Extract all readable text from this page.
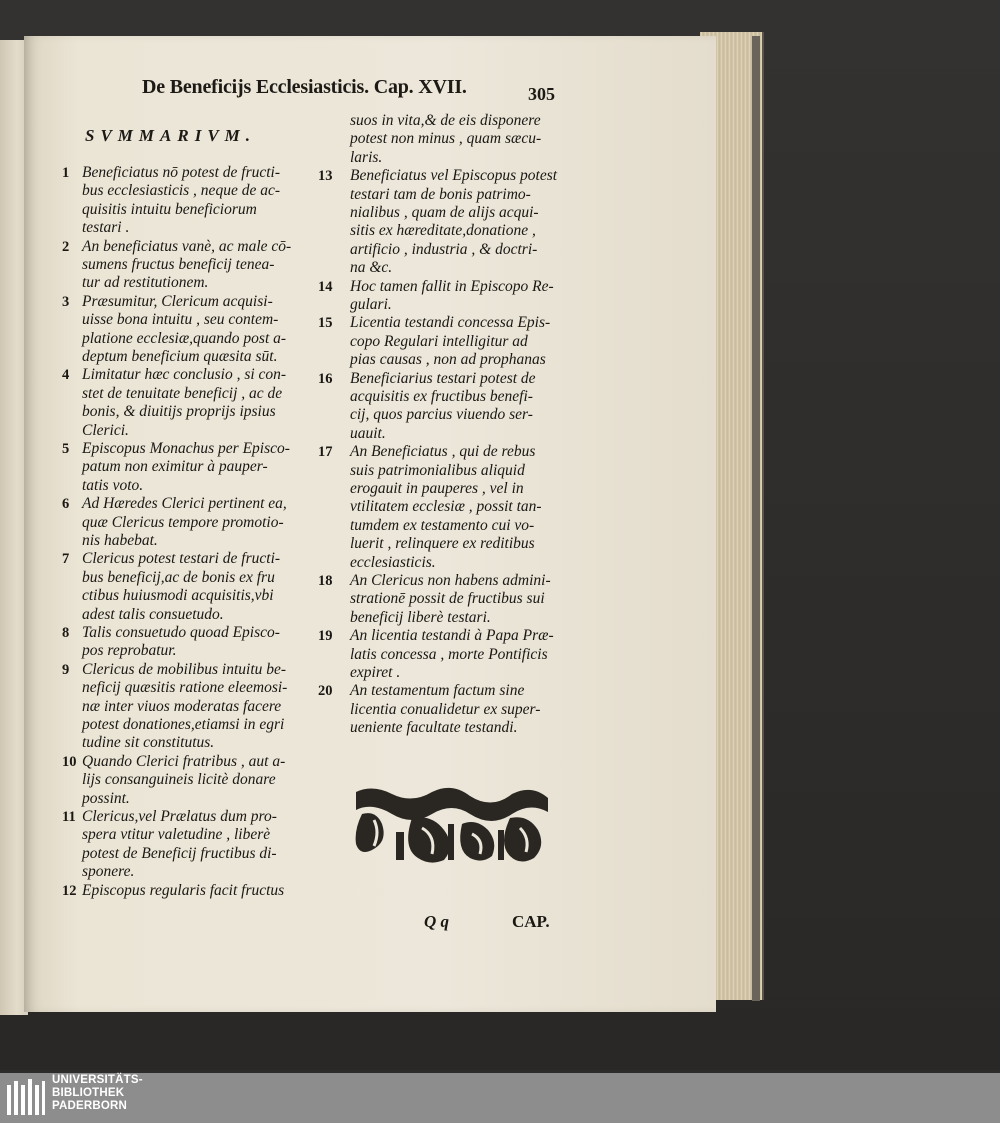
De Beneficijs Ecclesiasticis. Cap. XVII.	305
SVMMARIVM.
1 Beneficiatus nō potest de fructi-
bus ecclesiasticis , neque de ac-
quisitis intuitu beneficiorum
testari .
2 An beneficiatus vanè, ac male cō-
sumens fructus beneficij tenea-
tur ad restitutionem.
3 Præsumitur, Clericum acquisi-
uisse bona intuitu , seu contem-
platione ecclesiæ,quando post a-
deptum beneficium quæsita sūt.
4 Limitatur hæc conclusio , si con-
stet de tenuitate beneficij , ac de
bonis, & diuitijs proprijs ipsius
Clerici.
5 Episcopus Monachus per Episco-
patum non eximitur à pauper-
tatis voto.
6 Ad Hæredes Clerici pertinent ea,
quæ Clericus tempore promotio-
nis habebat.
7 Clericus potest testari de fructi-
bus beneficij,ac de bonis ex fru
ctibus huiusmodi acquisitis,vbi
adest talis consuetudo.
8 Talis consuetudo quoad Episco-
pos reprobatur.
9 Clericus de mobilibus intuitu be-
neficij quæsitis ratione eleemosi-
næ inter viuos moderatas facere
potest donationes,etiamsi in egri
tudine sit constitutus.
10 Quando Clerici fratribus , aut a-
lijs consanguineis licitè donare
possint.
11 Clericus,vel Prælatus dum pro-
spera vtitur valetudine , liberè
potest de Beneficij fructibus di-
sponere.
12 Episcopus regularis facit fructus
suos in vita,& de eis disponere
potest non minus , quam sæcu-
laris.
13 Beneficiatus vel Episcopus potest
testari tam de bonis patrimo-
nialibus , quam de alijs acqui-
sitis ex hæreditate,donatione ,
artificio , industria , & doctri-
na &c.
14 Hoc tamen fallit in Episcopo Re-
gulari.
15 Licentia testandi concessa Epis-
copo Regulari intelligitur ad
pias causas , non ad prophanas
16 Beneficiarius testari potest de
acquisitis ex fructibus benefi-
cij, quos parcius viuendo ser-
uauit.
17 An Beneficiatus , qui de rebus
suis patrimonialibus aliquid
erogauit in pauperes , vel in
vtilitatem ecclesiæ , possit tan-
tumdem ex testamento cui vo-
luerit , relinquere ex reditibus
ecclesiasticis.
18 An Clericus non habens admini-
strationē possit de fructibus sui
beneficij liberè testari.
19 An licentia testandi à Papa Præ-
latis concessa , morte Pontificis
expiret .
20 An testamentum factum sine
licentia conualidetur ex super-
ueniente facultate testandi.
Q q	CAP.
UNIVERSITÄTS-
BIBLIOTHEK
PADERBORN
